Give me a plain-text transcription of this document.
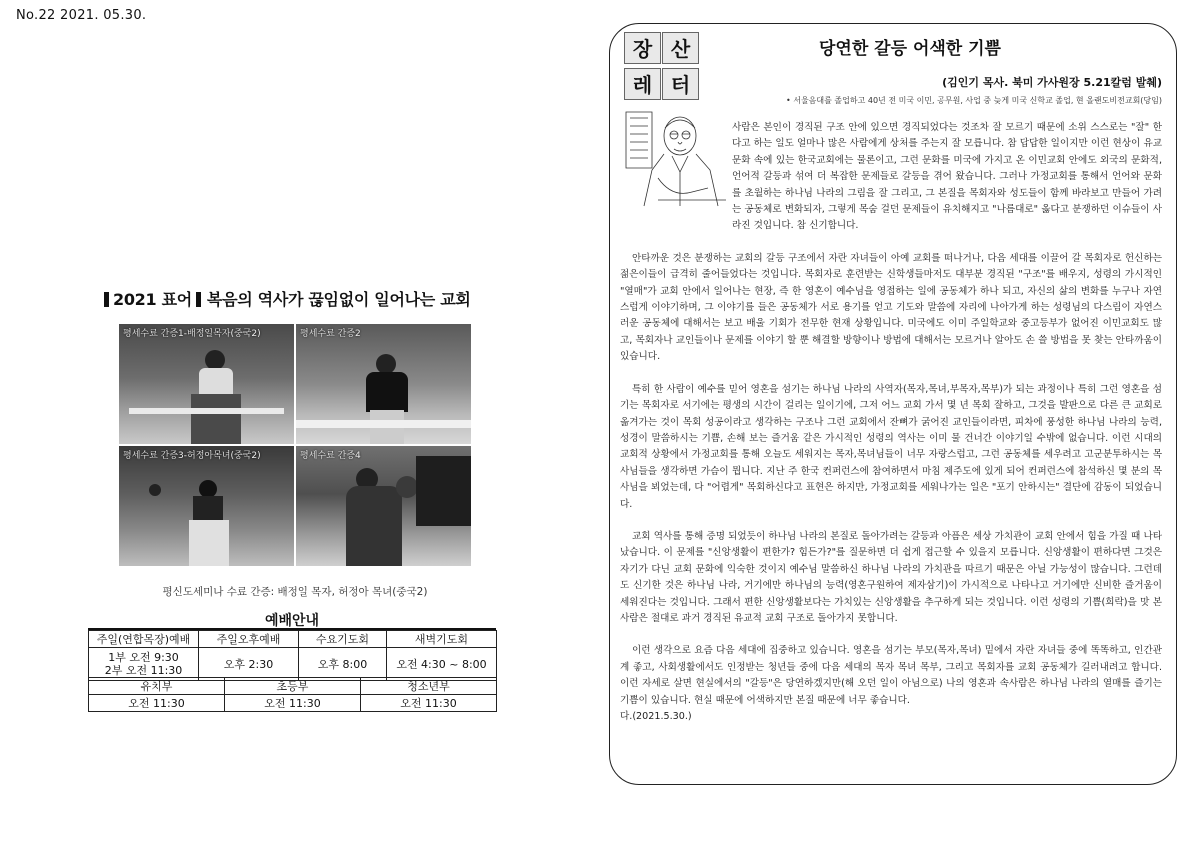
No.22 2021. 05.30.
2021 표어 복음의 역사가 끊임없이 일어나는 교회
평세수료 간증1-배정일목자(중국2)	평세수료 간증2
평세수료 간증3-허정아목녀(중국2)	평세수료 간증4
평신도세미나 수료 간증: 배정일 목자, 허정아 목녀(중국2)
예배안내
주일(연합목장)예배	주일오후예배	수요기도회	새벽기도회

1부 오전 9:30
2부 오전 11:30	오후 2:30	오후 8:00	오전 4:30 ~ 8:00
유치부	초등부	청소년부
오전 11:30	오전 11:30	오전 11:30
장 산
레 터
당연한 갈등 어색한 기쁨
(김인기 목사. 북미 가사원장 5.21칼럼 발췌)
• 서울음대를 졸업하고 40년 전 미국 이민, 공무원, 사업 중 늦게 미국 신학교 졸업, 현 올랜도비전교회(당임)

사람은 본인이 경직된 구조 안에 있으면 경직되었다는 것조차 잘 모르기 때문에 소위 스스로는 "잘" 한다고 하는 일도 얼마나 많은 사람에게 상처를 주는지 잘 모릅니다. 참 답답한 일이지만 이런 현상이 유교문화 속에 있는 한국교회에는 물론이고, 그런 문화를 미국에 가지고 온 이민교회 안에도 외국의 문화적, 언어적 갈등과 섞여 더 복잡한 문제들로 갈등을 겪어 왔습니다. 그러나 가정교회를 통해서 언어와 문화를 초월하는 하나님 나라의 그림을 잘 그리고, 그 본질을 목회자와 성도들이 함께 바라보고 만들어 가려는 공동체로 변화되자, 그렇게 목숨 걸던 문제들이 유치해지고 "나름대로" 옳다고 분쟁하던 이슈들이 사라진 것입니다. 참 신기합니다.

안타까운 것은 분쟁하는 교회의 갈등 구조에서 자란 자녀들이 아예 교회를 떠나거나, 다음 세대를 이끌어 갈 목회자로 헌신하는 젊은이들이 급격히 줄어들었다는 것입니다. 목회자로 훈련받는 신학생들마저도 대부분 경직된 "구조"를 배우지, 성령의 가시적인 "열매"가 교회 안에서 일어나는 현장, 즉 한 영혼이 예수님을 영접하는 일에 공동체가 하나 되고, 자신의 삶의 변화를 누구나 자연스럽게 이야기하며, 그 이야기를 들은 공동체가 서로 용기를 얻고 기도와 말씀에 자리에 나아가게 하는 성령님의 다스림이 자연스러운 공동체에 대해서는 보고 배울 기회가 전무한 현재 상황입니다. 미국에도 이미 주일학교와 중고등부가 없어진 이민교회도 많고, 목회자나 교인들이나 문제를 이야기 할 뿐 해결할 방향이나 방법에 대해서는 모르거나 알아도 손 쓸 방법을 못 찾는 안타까움이 있습니다.

특히 한 사람이 예수를 믿어 영혼을 섬기는 하나님 나라의 사역자(목자,목녀,부목자,목부)가 되는 과정이나 특히 그런 영혼을 섬기는 목회자로 서기에는 평생의 시간이 걸리는 일이기에, 그저 어느 교회 가서 몇 년 목회 잘하고, 그것을 발판으로 다른 큰 교회로 옮겨가는 것이 목회 성공이라고 생각하는 구조나 그런 교회에서 잔뼈가 굵어진 교인들이라면, 피차에 풍성한 하나님 나라의 능력, 성경이 말씀하시는 기쁨, 손해 보는 즐거움 같은 가시적인 성령의 역사는 이미 물 건너간 이야기일 수밖에 없습니다. 이런 시대의 교회적 상황에서 가정교회를 통해 오늘도 세워지는 목자,목녀님들이 너무 자랑스럽고, 그런 공동체를 세우려고 고군분투하시는 목사님들을 생각하면 가슴이 뭡니다. 지난 주 한국 컨퍼런스에 참여하면서 마침 제주도에 있게 되어 컨퍼런스에 참석하신 몇 분의 목사님을 뵈었는데, 다 "어렵게" 목회하신다고 표현은 하지만, 가정교회를 세워나가는 일은 "포기 안하시는" 결단에 감동이 되었습니다.

교회 역사를 통해 증명 되었듯이 하나님 나라의 본질로 돌아가려는 갈등과 아픔은 세상 가치관이 교회 안에서 힘을 가질 때 나타났습니다. 이 문제를 "신앙생활이 편한가? 힘든가?"를 질문하면 더 쉽게 접근할 수 있을지 모릅니다. 신앙생활이 편하다면 그것은 자기가 다닌 교회 문화에 익숙한 것이지 예수님 말씀하신 하나님 나라의 가치관을 따르기 때문은 아닐 가능성이 많습니다. 그런데도 신기한 것은 하나님 나라, 거기에만 하나님의 능력(영혼구원하여 제자삼기)이 가시적으로 나타나고 거기에만 신비한 즐거움이 세워진다는 것입니다. 그래서 편한 신앙생활보다는 가치있는 신앙생활을 추구하게 되는 것입니다. 이런 성령의 기쁨(희락)을 맛 본 사람은 절대로 과거 경직된 유교적 교회 구조로 돌아가지 못합니다.

이런 생각으로 요즘 다음 세대에 집중하고 있습니다. 영혼을 섬기는 부모(목자,목녀) 밑에서 자란 자녀들 중에 똑똑하고, 인간관계 좋고, 사회생활에서도 인정받는 청년들 중에 다음 세대의 목자 목녀 목부, 그리고 목회자를 교회 공동체가 길러내려고 합니다. 이런 자세로 살면 현실에서의 "갈등"은 당연하겠지만(해 오던 일이 아님으로) 나의 영혼과 속사람은 하나님 나라의 열매를 즐기는 기쁨이 있습니다. 현실 때문에 어색하지만 본질 때문에 너무 좋습니다.

다.(2021.5.30.)
